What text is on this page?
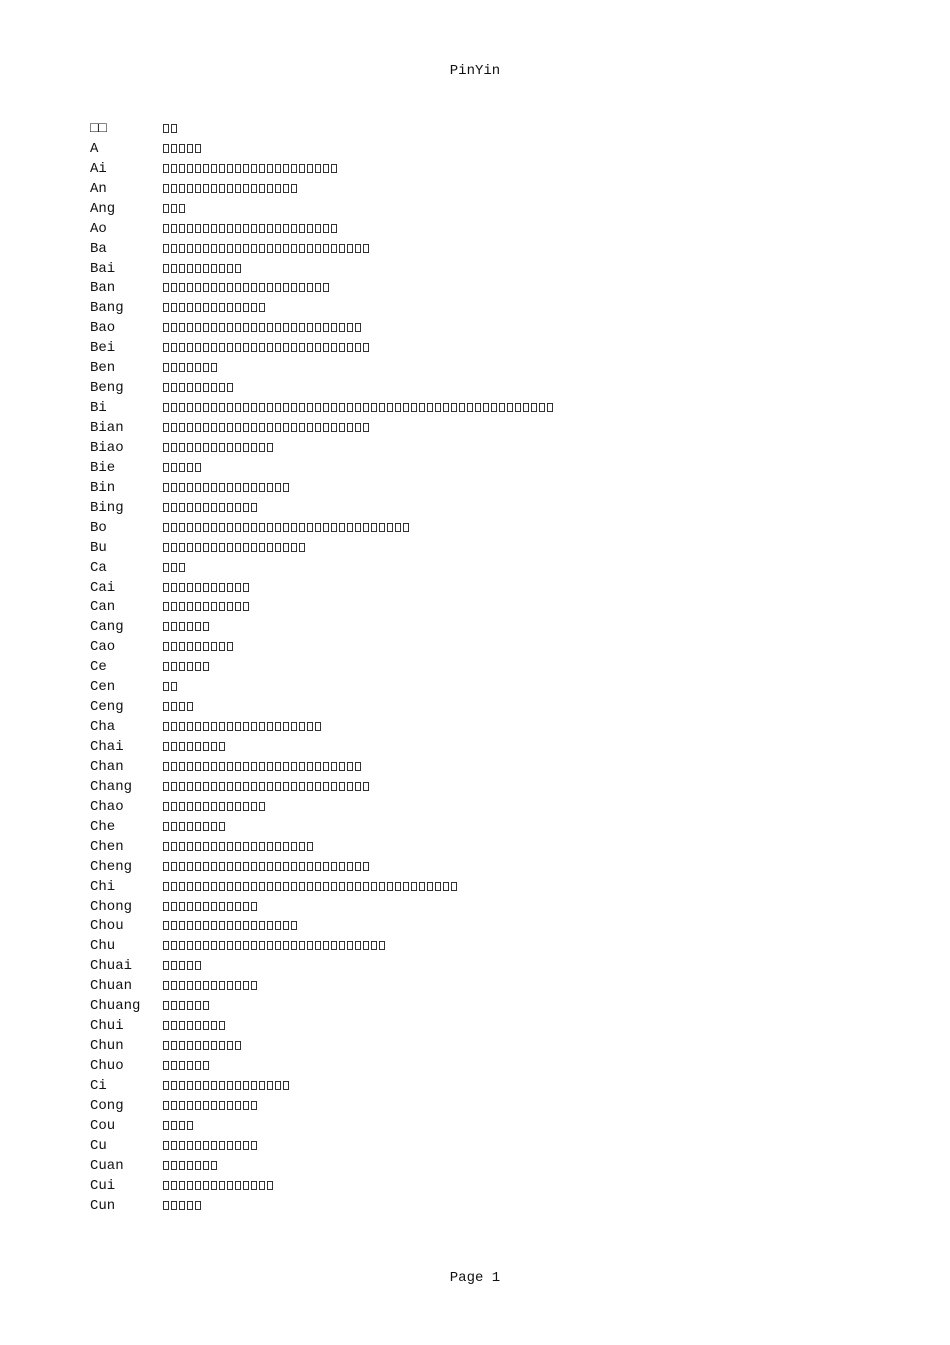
PinYin
□□
A
Ai
An
Ang
Ao
Ba
Bai
Ban
Bang
Bao
Bei
Ben
Beng
Bi
Bian
Biao
Bie
Bin
Bing
Bo
Bu
Ca
Cai
Can
Cang
Cao
Ce
Cen
Ceng
Cha
Chai
Chan
Chang
Chao
Che
Chen
Cheng
Chi
Chong
Chou
Chu
Chuai
Chuan
Chuang
Chui
Chun
Chuo
Ci
Cong
Cou
Cu
Cuan
Cui
Cun
Page 1
